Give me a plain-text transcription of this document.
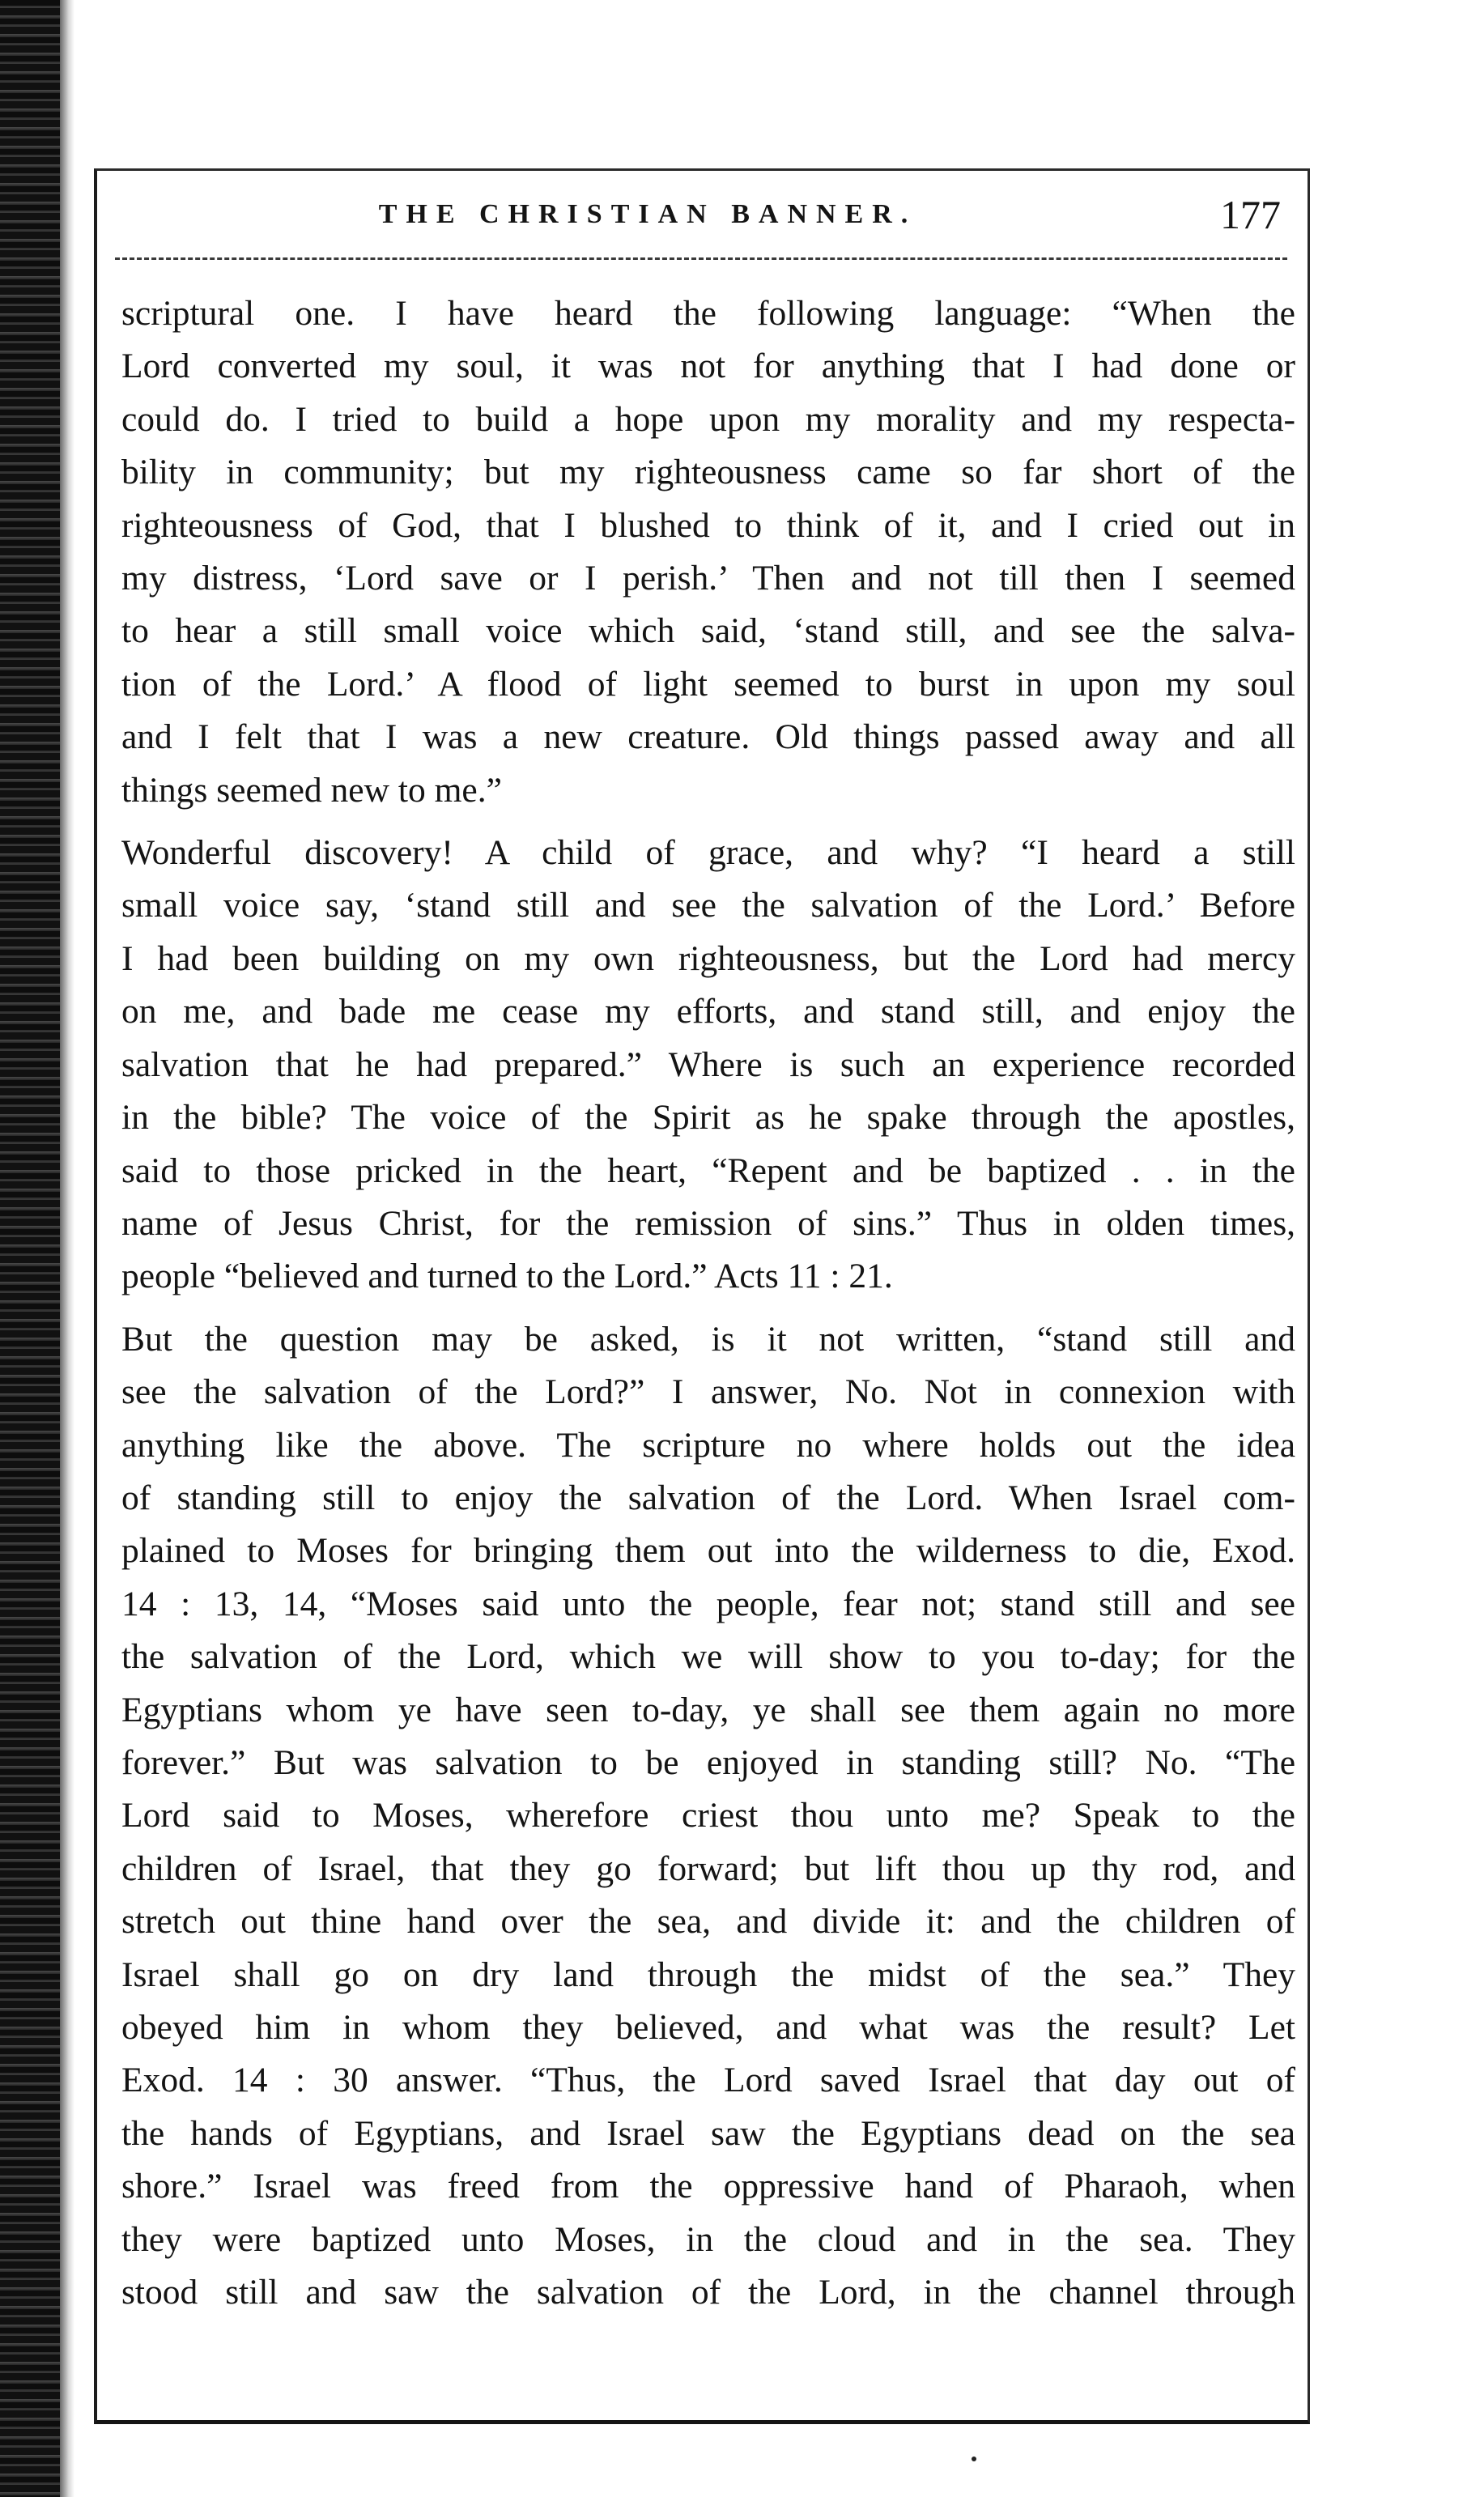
THE CHRISTIAN BANNER.	177
scriptural one. I have heard the following language: “When the
Lord converted my soul, it was not for anything that I had done or
could do. I tried to build a hope upon my morality and my respecta-
bility in community; but my righteousness came so far short of the
righteousness of God, that I blushed to think of it, and I cried out in
my distress, ‘Lord save or I perish.’ Then and not till then I seemed
to hear a still small voice which said, ‘stand still, and see the salva-
tion of the Lord.’ A flood of light seemed to burst in upon my soul
and I felt that I was a new creature. Old things passed away and all
things seemed new to me.”
Wonderful discovery! A child of grace, and why? “I heard a still
small voice say, ‘stand still and see the salvation of the Lord.’ Before
I had been building on my own righteousness, but the Lord had mercy
on me, and bade me cease my efforts, and stand still, and enjoy the
salvation that he had prepared.” Where is such an experience recorded
in the bible? The voice of the Spirit as he spake through the apostles,
said to those pricked in the heart, “Repent and be baptized . . in the
name of Jesus Christ, for the remission of sins.” Thus in olden times,
people “believed and turned to the Lord.” Acts 11 : 21.
But the question may be asked, is it not written, “stand still and
see the salvation of the Lord?” I answer, No. Not in connexion with
anything like the above. The scripture no where holds out the idea
of standing still to enjoy the salvation of the Lord. When Israel com-
plained to Moses for bringing them out into the wilderness to die, Exod.
14 : 13, 14, “Moses said unto the people, fear not; stand still and see
the salvation of the Lord, which we will show to you to-day; for the
Egyptians whom ye have seen to-day, ye shall see them again no more
forever.” But was salvation to be enjoyed in standing still? No. “The
Lord said to Moses, wherefore criest thou unto me? Speak to the
children of Israel, that they go forward; but lift thou up thy rod, and
stretch out thine hand over the sea, and divide it: and the children of
Israel shall go on dry land through the midst of the sea.” They
obeyed him in whom they believed, and what was the result? Let
Exod. 14 : 30 answer. “Thus, the Lord saved Israel that day out of
the hands of Egyptians, and Israel saw the Egyptians dead on the sea
shore.” Israel was freed from the oppressive hand of Pharaoh, when
they were baptized unto Moses, in the cloud and in the sea. They
stood still and saw the salvation of the Lord, in the channel through
